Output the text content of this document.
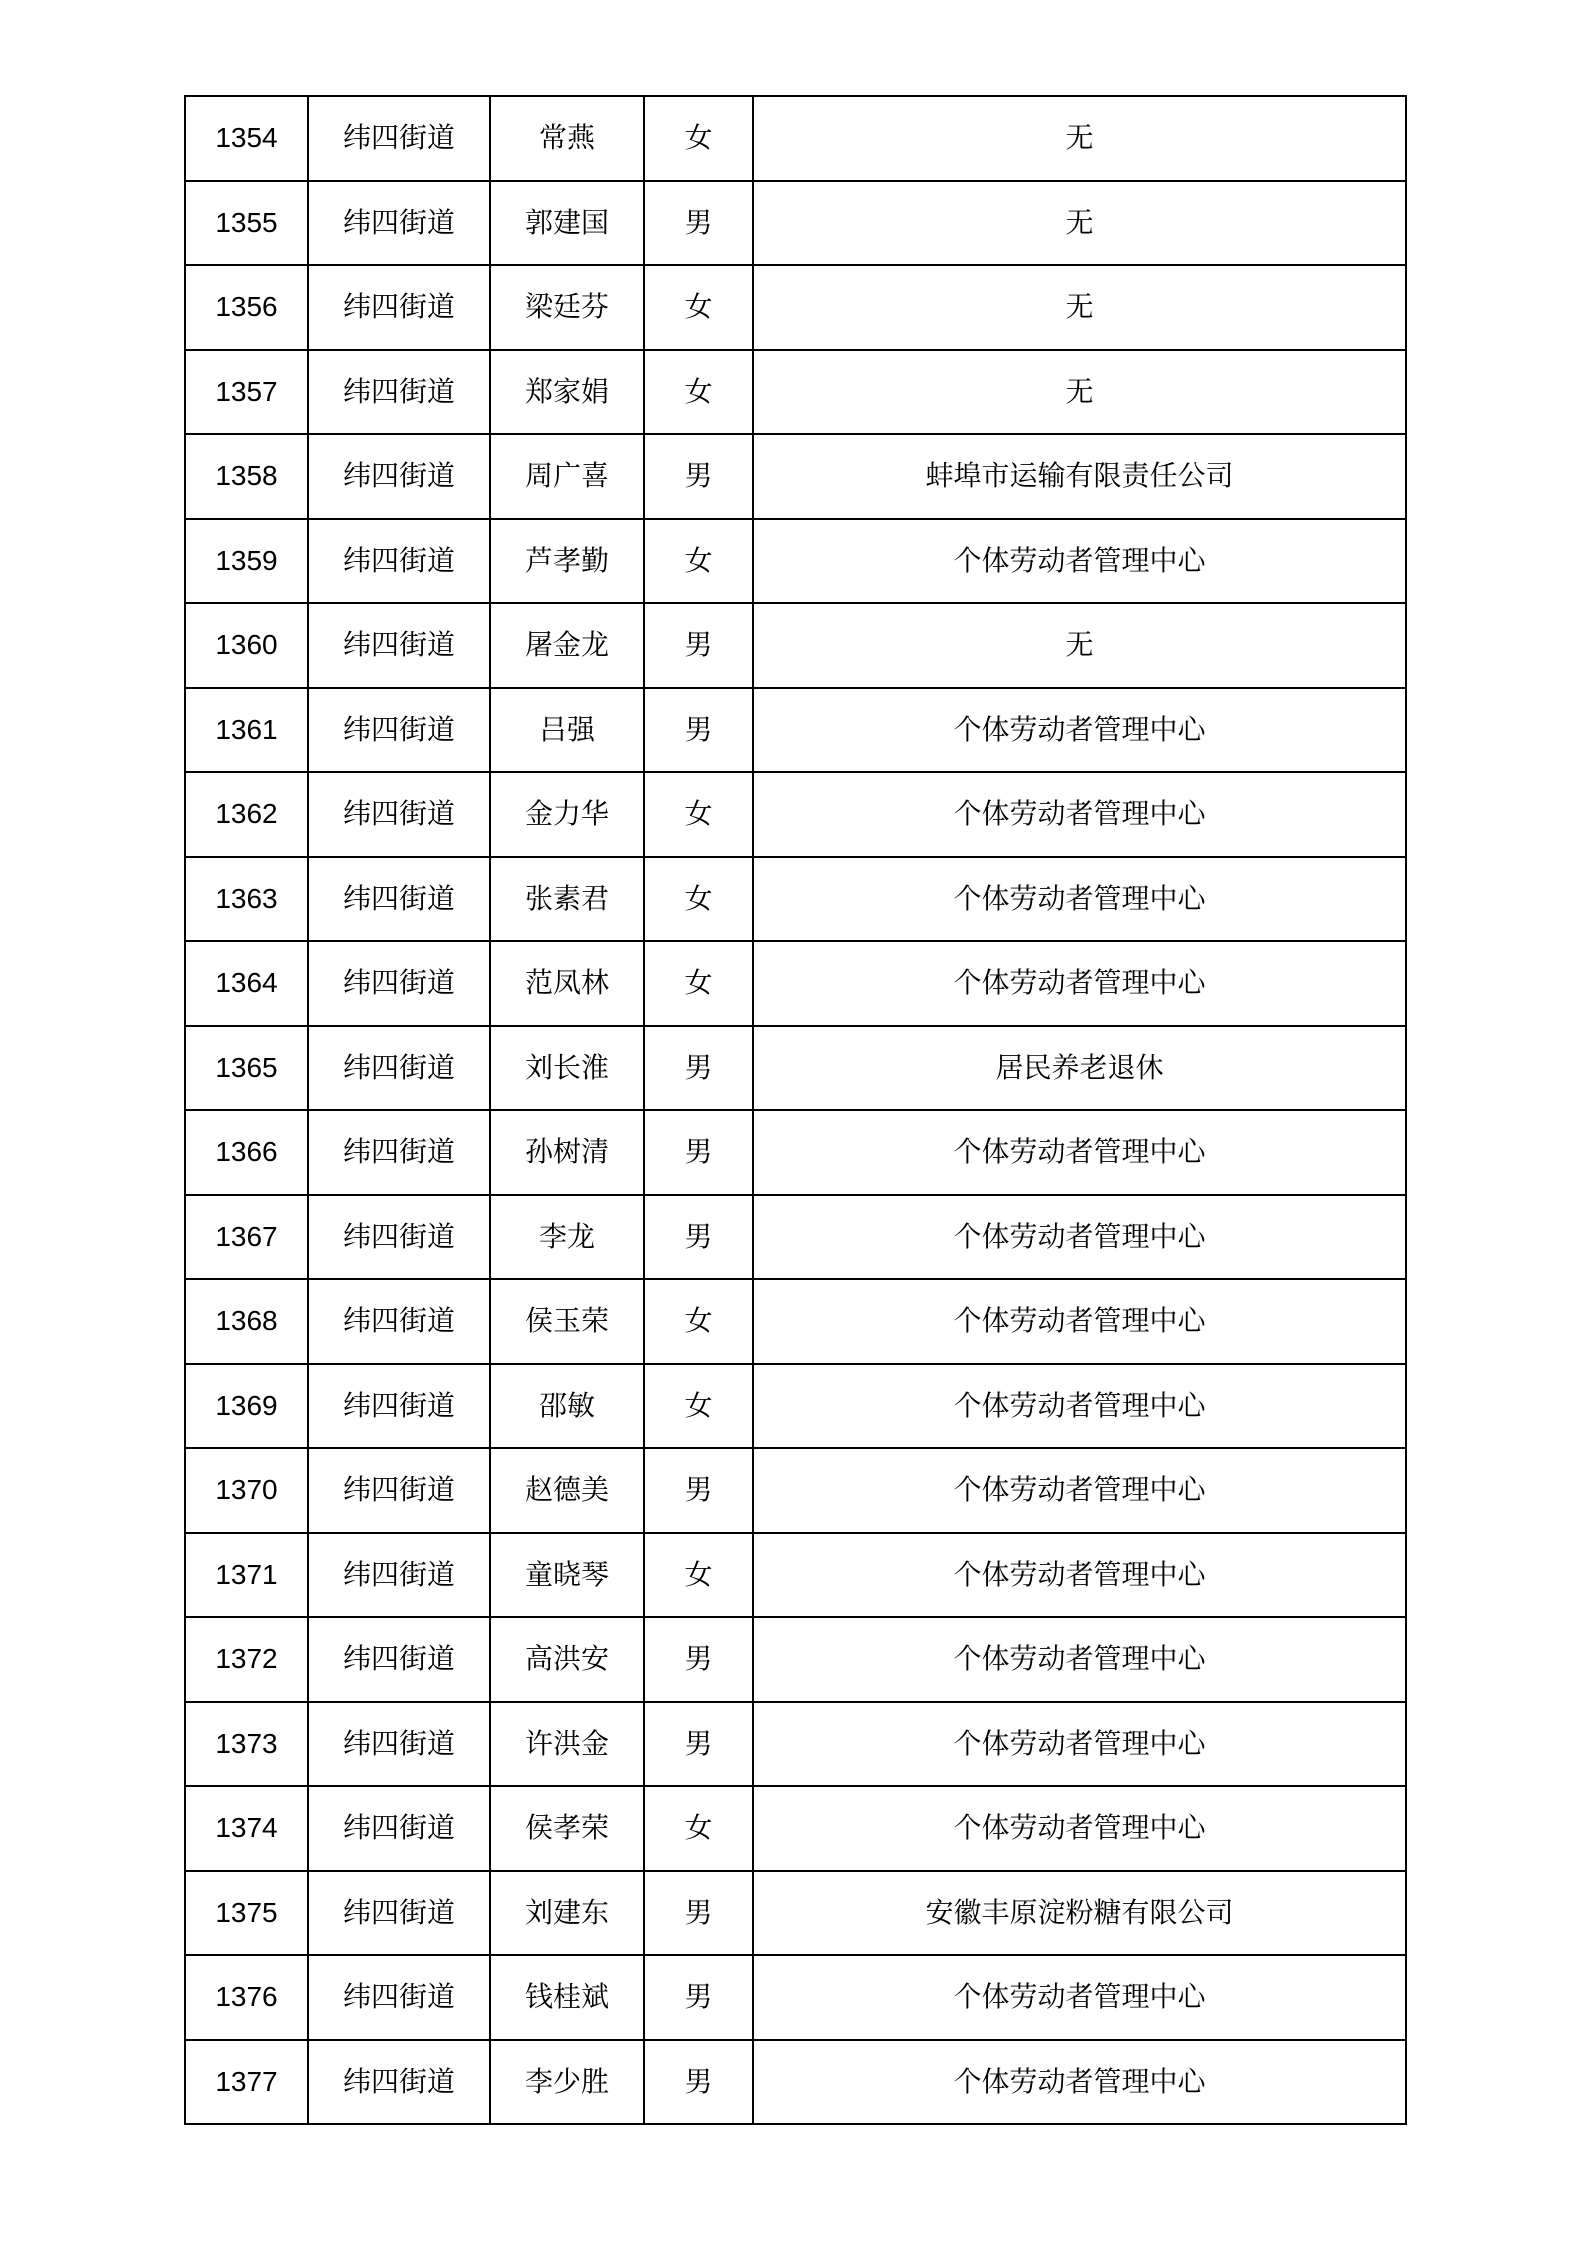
1354	纬四街道	常燕	女	无
1355	纬四街道	郭建国	男	无
1356	纬四街道	梁廷芬	女	无
1357	纬四街道	郑家娟	女	无
1358	纬四街道	周广喜	男	蚌埠市运输有限责任公司
1359	纬四街道	芦孝勤	女	个体劳动者管理中心
1360	纬四街道	屠金龙	男	无
1361	纬四街道	吕强	男	个体劳动者管理中心
1362	纬四街道	金力华	女	个体劳动者管理中心
1363	纬四街道	张素君	女	个体劳动者管理中心
1364	纬四街道	范凤林	女	个体劳动者管理中心
1365	纬四街道	刘长淮	男	居民养老退休
1366	纬四街道	孙树清	男	个体劳动者管理中心
1367	纬四街道	李龙	男	个体劳动者管理中心
1368	纬四街道	侯玉荣	女	个体劳动者管理中心
1369	纬四街道	邵敏	女	个体劳动者管理中心
1370	纬四街道	赵德美	男	个体劳动者管理中心
1371	纬四街道	童晓琴	女	个体劳动者管理中心
1372	纬四街道	高洪安	男	个体劳动者管理中心
1373	纬四街道	许洪金	男	个体劳动者管理中心
1374	纬四街道	侯孝荣	女	个体劳动者管理中心
1375	纬四街道	刘建东	男	安徽丰原淀粉糖有限公司
1376	纬四街道	钱桂斌	男	个体劳动者管理中心
1377	纬四街道	李少胜	男	个体劳动者管理中心
